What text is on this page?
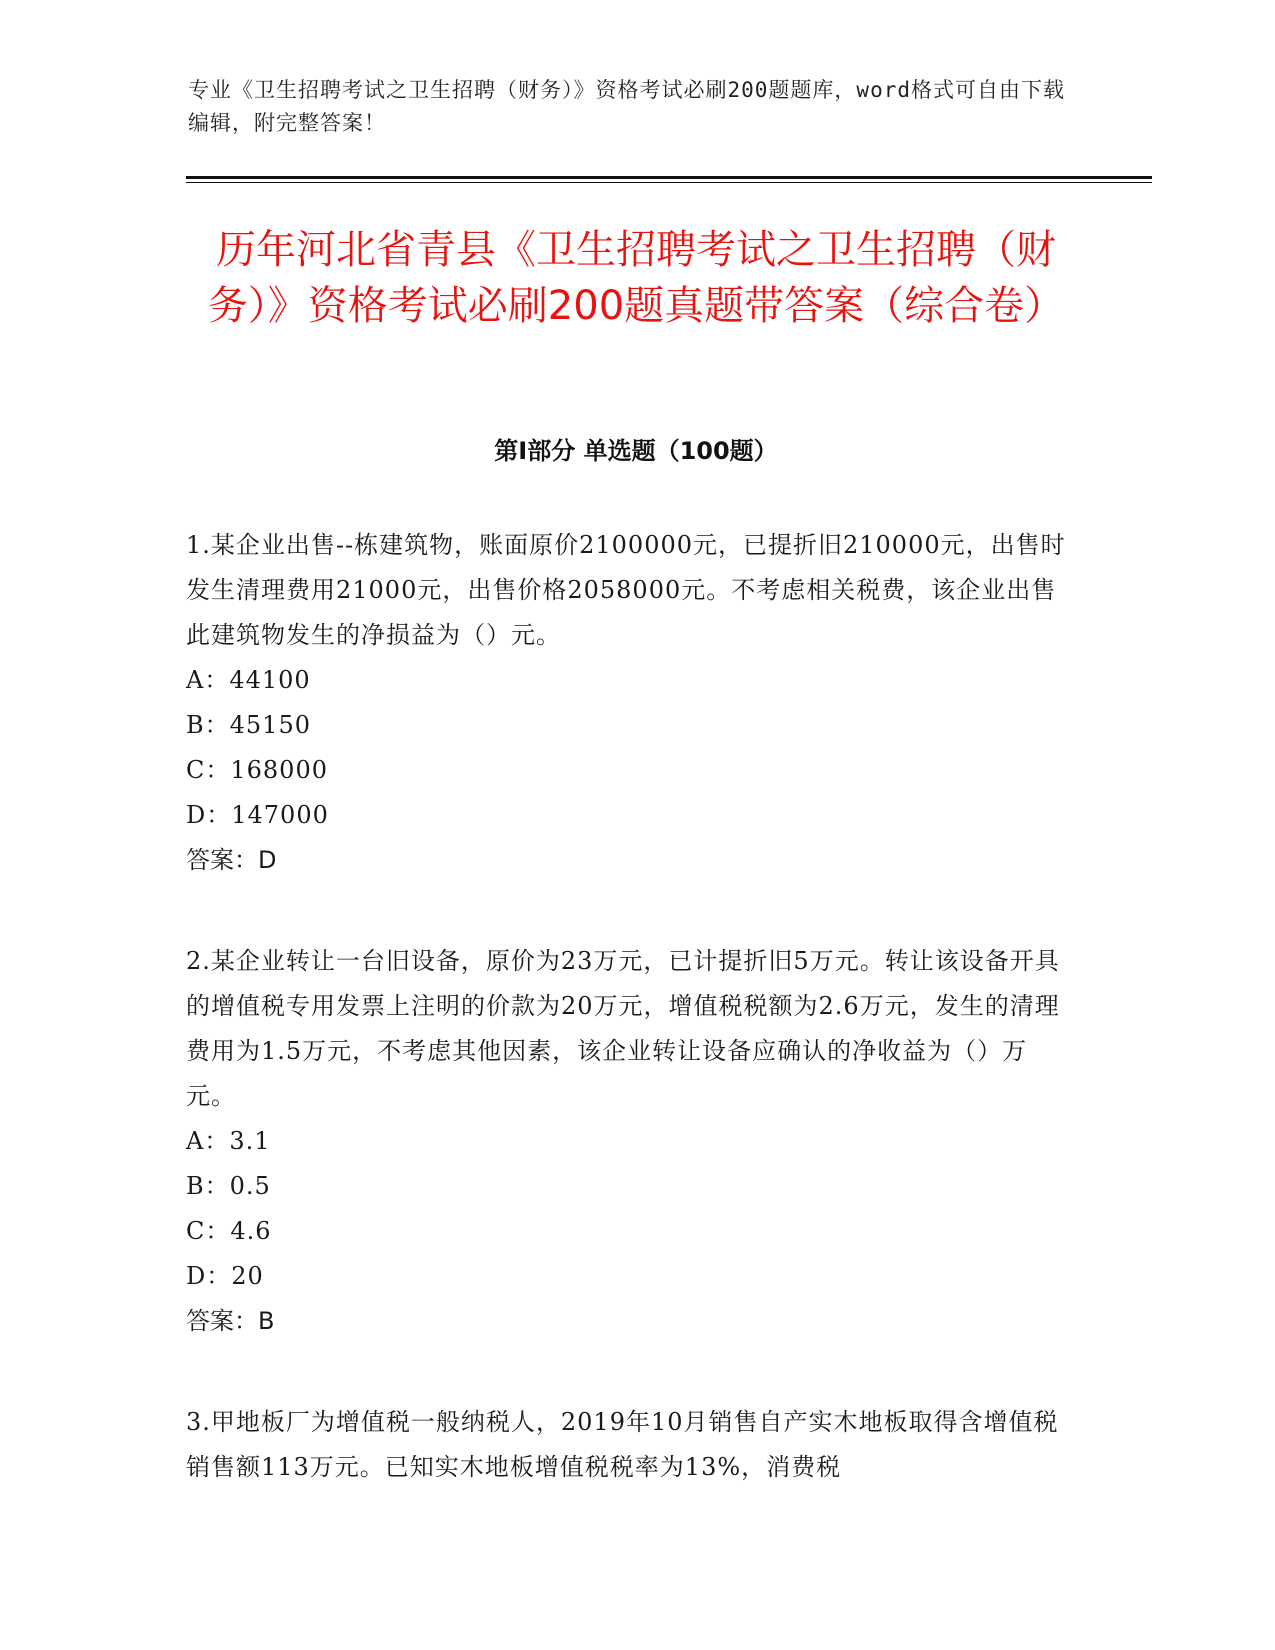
专业《卫生招聘考试之卫生招聘（财务）》资格考试必刷200题题库，word格式可自由下载编辑，附完整答案！
历年河北省青县《卫生招聘考试之卫生招聘（财务）》资格考试必刷200题真题带答案（综合卷）
第I部分 单选题（100题）

1.某企业出售--栋建筑物，账面原价2100000元，已提折旧210000元，出售时发生清理费用21000元，出售价格2058000元。不考虑相关税费，该企业出售此建筑物发生的净损益为（）元。

A：44100

B：45150

C：168000

D：147000

答案：D

2.某企业转让一台旧设备，原价为23万元，已计提折旧5万元。转让该设备开具的增值税专用发票上注明的价款为20万元，增值税税额为2.6万元，发生的清理费用为1.5万元，不考虑其他因素，该企业转让设备应确认的净收益为（）万元。

A：3.1

B：0.5

C：4.6

D：20

答案：B

3.甲地板厂为增值税一般纳税人，2019年10月销售自产实木地板取得含增值税销售额113万元。已知实木地板增值税税率为13%，消费税
